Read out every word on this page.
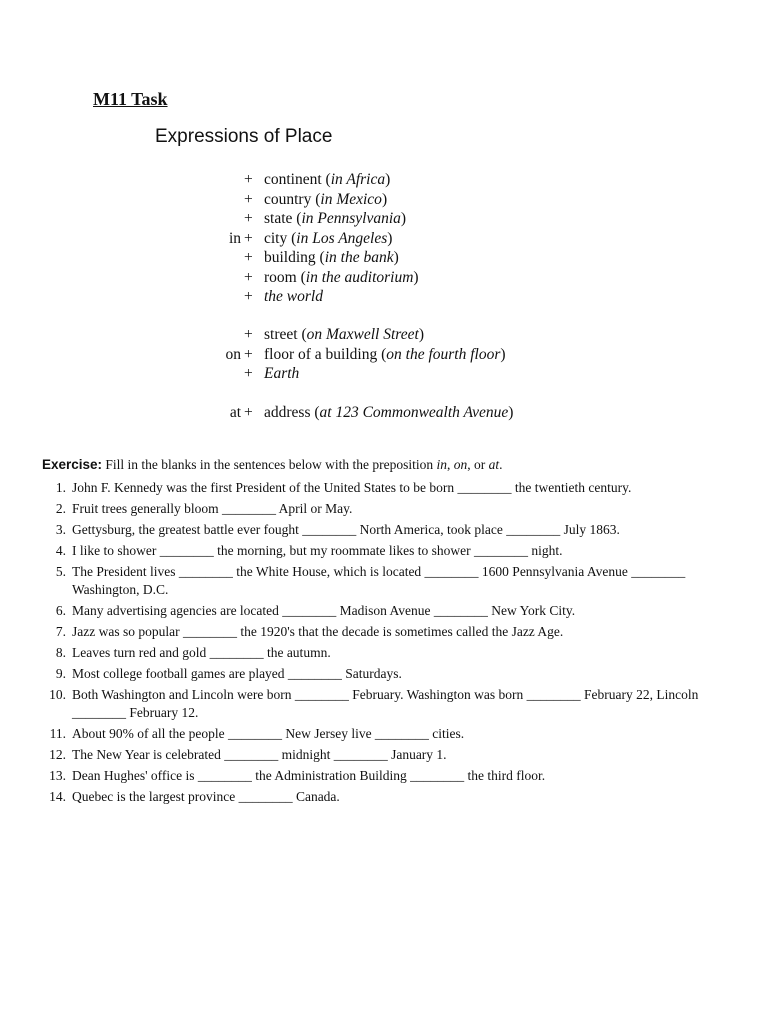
M11 Task
Expressions of Place
+ continent (in Africa)
+ country (in Mexico)
+ state (in Pennsylvania)
in + city (in Los Angeles)
+ building (in the bank)
+ room (in the auditorium)
+ the world
+ street (on Maxwell Street)
on + floor of a building (on the fourth floor)
+ Earth
at + address (at 123 Commonwealth Avenue)

Exercise: Fill in the blanks in the sentences below with the preposition in, on, or at.

1. John F. Kennedy was the first President of the United States to be born ________ the twentieth century.
2. Fruit trees generally bloom ________ April or May.
3. Gettysburg, the greatest battle ever fought ________ North America, took place ________ July 1863.
4. I like to shower ________ the morning, but my roommate likes to shower ________ night.
5. The President lives ________ the White House, which is located ________ 1600 Pennsylvania Avenue ________ Washington, D.C.
6. Many advertising agencies are located ________ Madison Avenue ________ New York City.
7. Jazz was so popular ________ the 1920's that the decade is sometimes called the Jazz Age.
8. Leaves turn red and gold ________ the autumn.
9. Most college football games are played ________ Saturdays.
10. Both Washington and Lincoln were born ________ February. Washington was born ________ February 22, Lincoln ________ February 12.
11. About 90% of all the people ________ New Jersey live ________ cities.
12. The New Year is celebrated ________ midnight ________ January 1.
13. Dean Hughes' office is ________ the Administration Building ________ the third floor.
14. Quebec is the largest province ________ Canada.
